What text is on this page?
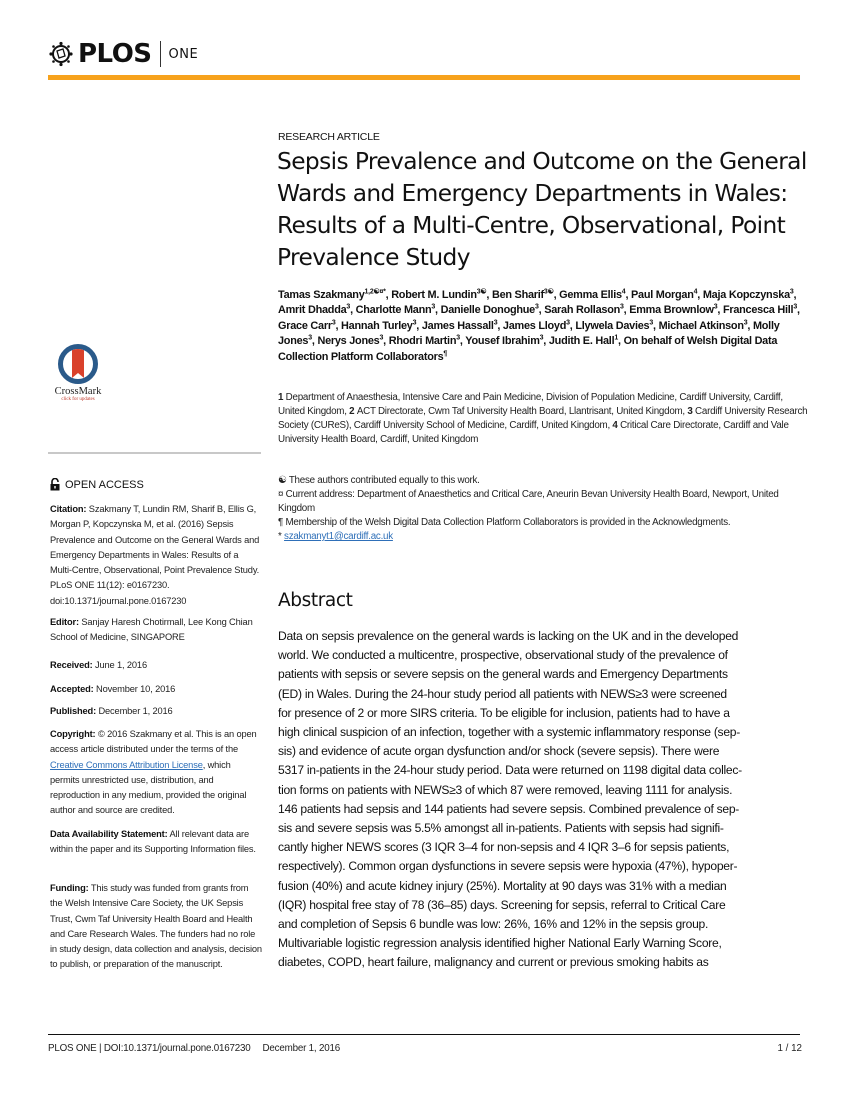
PLOS ONE
CrossMark
click for updates
OPEN ACCESS
Citation: Szakmany T, Lundin RM, Sharif B, Ellis G, Morgan P, Kopczynska M, et al. (2016) Sepsis Prevalence and Outcome on the General Wards and Emergency Departments in Wales: Results of a Multi-Centre, Observational, Point Prevalence Study. PLoS ONE 11(12): e0167230. doi:10.1371/journal.pone.0167230
Editor: Sanjay Haresh Chotirmall, Lee Kong Chian School of Medicine, SINGAPORE
Received: June 1, 2016
Accepted: November 10, 2016
Published: December 1, 2016
Copyright: © 2016 Szakmany et al. This is an open access article distributed under the terms of the Creative Commons Attribution License, which permits unrestricted use, distribution, and reproduction in any medium, provided the original author and source are credited.
Data Availability Statement: All relevant data are within the paper and its Supporting Information files.
Funding: This study was funded from grants from the Welsh Intensive Care Society, the UK Sepsis Trust, Cwm Taf University Health Board and Health and Care Research Wales. The funders had no role in study design, data collection and analysis, decision to publish, or preparation of the manuscript.
RESEARCH ARTICLE
Sepsis Prevalence and Outcome on the General Wards and Emergency Departments in Wales: Results of a Multi-Centre, Observational, Point Prevalence Study
Tamas Szakmany$^{1,2☯¤*}$, Robert M. Lundin$^{3☯}$, Ben Sharif$^{3☯}$, Gemma Ellis$^4$, Paul Morgan$^4$, Maja Kopczynska$^3$, Amrit Dhadda$^3$, Charlotte Mann$^3$, Danielle Donoghue$^3$, Sarah Rollason$^3$, Emma Brownlow$^3$, Francesca Hill$^3$, Grace Carr$^3$, Hannah Turley$^3$, James Hassall$^3$, James Lloyd$^3$, Llywela Davies$^3$, Michael Atkinson$^3$, Molly Jones$^3$, Nerys Jones$^3$, Rhodri Martin$^3$, Yousef Ibrahim$^3$, Judith E. Hall$^1$, On behalf of Welsh Digital Data Collection Platform Collaborators¶
1 Department of Anaesthesia, Intensive Care and Pain Medicine, Division of Population Medicine, Cardiff University, Cardiff, United Kingdom, 2 ACT Directorate, Cwm Taf University Health Board, Llantrisant, United Kingdom, 3 Cardiff University Research Society (CUReS), Cardiff University School of Medicine, Cardiff, United Kingdom, 4 Critical Care Directorate, Cardiff and Vale University Health Board, Cardiff, United Kingdom
☯ These authors contributed equally to this work.
¤ Current address: Department of Anaesthetics and Critical Care, Aneurin Bevan University Health Board, Newport, United Kingdom
¶ Membership of the Welsh Digital Data Collection Platform Collaborators is provided in the Acknowledgments.
* szakmanyt1@cardiff.ac.uk
Abstract
Data on sepsis prevalence on the general wards is lacking on the UK and in the developed
world. We conducted a multicentre, prospective, observational study of the prevalence of
patients with sepsis or severe sepsis on the general wards and Emergency Departments
(ED) in Wales. During the 24-hour study period all patients with NEWS≥3 were screened
for presence of 2 or more SIRS criteria. To be eligible for inclusion, patients had to have a
high clinical suspicion of an infection, together with a systemic inflammatory response (sep-
sis) and evidence of acute organ dysfunction and/or shock (severe sepsis). There were
5317 in-patients in the 24-hour study period. Data were returned on 1198 digital data collec-
tion forms on patients with NEWS≥3 of which 87 were removed, leaving 1111 for analysis.
146 patients had sepsis and 144 patients had severe sepsis. Combined prevalence of sep-
sis and severe sepsis was 5.5% amongst all in-patients. Patients with sepsis had signifi-
cantly higher NEWS scores (3 IQR 3–4 for non-sepsis and 4 IQR 3–6 for sepsis patients,
respectively). Common organ dysfunctions in severe sepsis were hypoxia (47%), hypoper-
fusion (40%) and acute kidney injury (25%). Mortality at 90 days was 31% with a median
(IQR) hospital free stay of 78 (36–85) days. Screening for sepsis, referral to Critical Care
and completion of Sepsis 6 bundle was low: 26%, 16% and 12% in the sepsis group.
Multivariable logistic regression analysis identified higher National Early Warning Score,
diabetes, COPD, heart failure, malignancy and current or previous smoking habits as
PLOS ONE | DOI:10.1371/journal.pone.0167230 December 1, 2016	1 / 12
